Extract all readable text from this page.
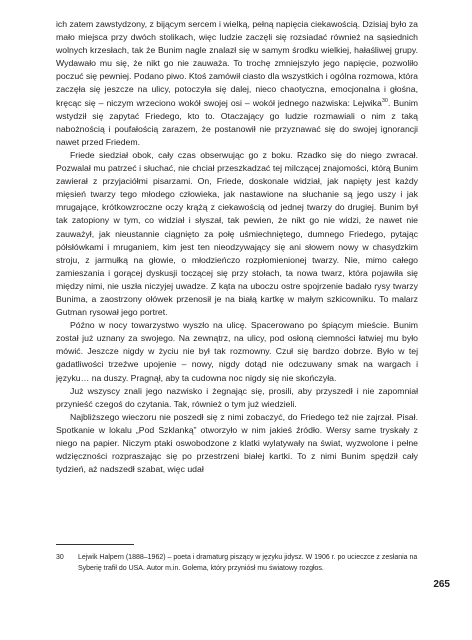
ich zatem zawstydzony, z bijącym sercem i wielką, pełną napięcia ciekawością. Dzisiaj było za mało miejsca przy dwóch stolikach, więc ludzie zaczęli się rozsiadać również na sąsiednich wolnych krzesłach, tak że Bunim nagle znalazł się w samym środku wielkiej, hałaśliwej grupy. Wydawało mu się, że nikt go nie zauważa. To trochę zmniejszyło jego napięcie, pozwoliło poczuć się pewniej. Podano piwo. Ktoś zamówił ciasto dla wszystkich i ogólna rozmowa, która zaczęła się jeszcze na ulicy, potoczyła się dalej, nieco chaotyczna, emocjonalna i głośna, kręcąc się – niczym wrzeciono wokół swojej osi – wokół jednego nazwiska: Lejwika$^{30}$. Bunim wstydził się zapytać Friedego, kto to. Otaczający go ludzie rozmawiali o nim z taką nabożnością i poufałością zarazem, że postanowił nie przyznawać się do swojej ignorancji nawet przed Friedem.

Friede siedział obok, cały czas obserwując go z boku. Rzadko się do niego zwracał. Pozwalał mu patrzeć i słuchać, nie chciał przeszkadzać tej milczącej znajomości, którą Bunim zawierał z przyjaciółmi pisarzami. On, Friede, doskonale widział, jak napięty jest każdy mięsień twarzy tego młodego człowieka, jak nastawione na słuchanie są jego uszy i jak mrugające, krótkowzroczne oczy krążą z ciekawością od jednej twarzy do drugiej. Bunim był tak zatopiony w tym, co widział i słyszał, tak pewien, że nikt go nie widzi, że nawet nie zauważył, jak nieustannie ciągnięto za połę uśmiechniętego, dumnego Friedego, pytając półsłówkami i mruganiem, kim jest ten nieodzywający się ani słowem nowy w chasydzkim stroju, z jarmułką na głowie, o młodzieńczo rozpłomienionej twarzy. Nie, mimo całego zamieszania i gorącej dyskusji toczącej się przy stołach, ta nowa twarz, która pojawiła się między nimi, nie uszła niczyjej uwadze. Z kąta na uboczu ostre spojrzenie badało rysy twarzy Bunima, a zaostrzony ołówek przenosił je na białą kartkę w małym szkicowniku. To malarz Gutman rysował jego portret.

Późno w nocy towarzystwo wyszło na ulicę. Spacerowano po śpiącym mieście. Bunim został już uznany za swojego. Na zewnątrz, na ulicy, pod osłoną ciemności łatwiej mu było mówić. Jeszcze nigdy w życiu nie był tak rozmowny. Czuł się bardzo dobrze. Było w tej gadatliwości trzeźwe upojenie – nowy, nigdy dotąd nie odczuwany smak na wargach i języku… na duszy. Pragnął, aby ta cudowna noc nigdy się nie skończyła.

Już wszyscy znali jego nazwisko i żegnając się, prosili, aby przyszedł i nie zapomniał przynieść czegoś do czytania. Tak, również o tym już wiedzieli.

Najbliższego wieczoru nie poszedł się z nimi zobaczyć, do Friedego też nie zajrzał. Pisał. Spotkanie w lokalu „Pod Szklanką” otworzyło w nim jakieś źródło. Wersy same tryskały z niego na papier. Niczym ptaki oswobodzone z klatki wylatywały na świat, wyzwolone i pełne wdzięczności rozpraszając się po przestrzeni białej kartki. To z nimi Bunim spędził cały tydzień, aż nadszedł szabat, więc udał

30	Lejwik Halpern (1888–1962) – poeta i dramaturg piszący w języku jidysz. W 1906 r. po ucieczce z zesłania na Syberię trafił do USA. Autor m.in. Golema, który przyniósł mu światowy rozgłos.
265
